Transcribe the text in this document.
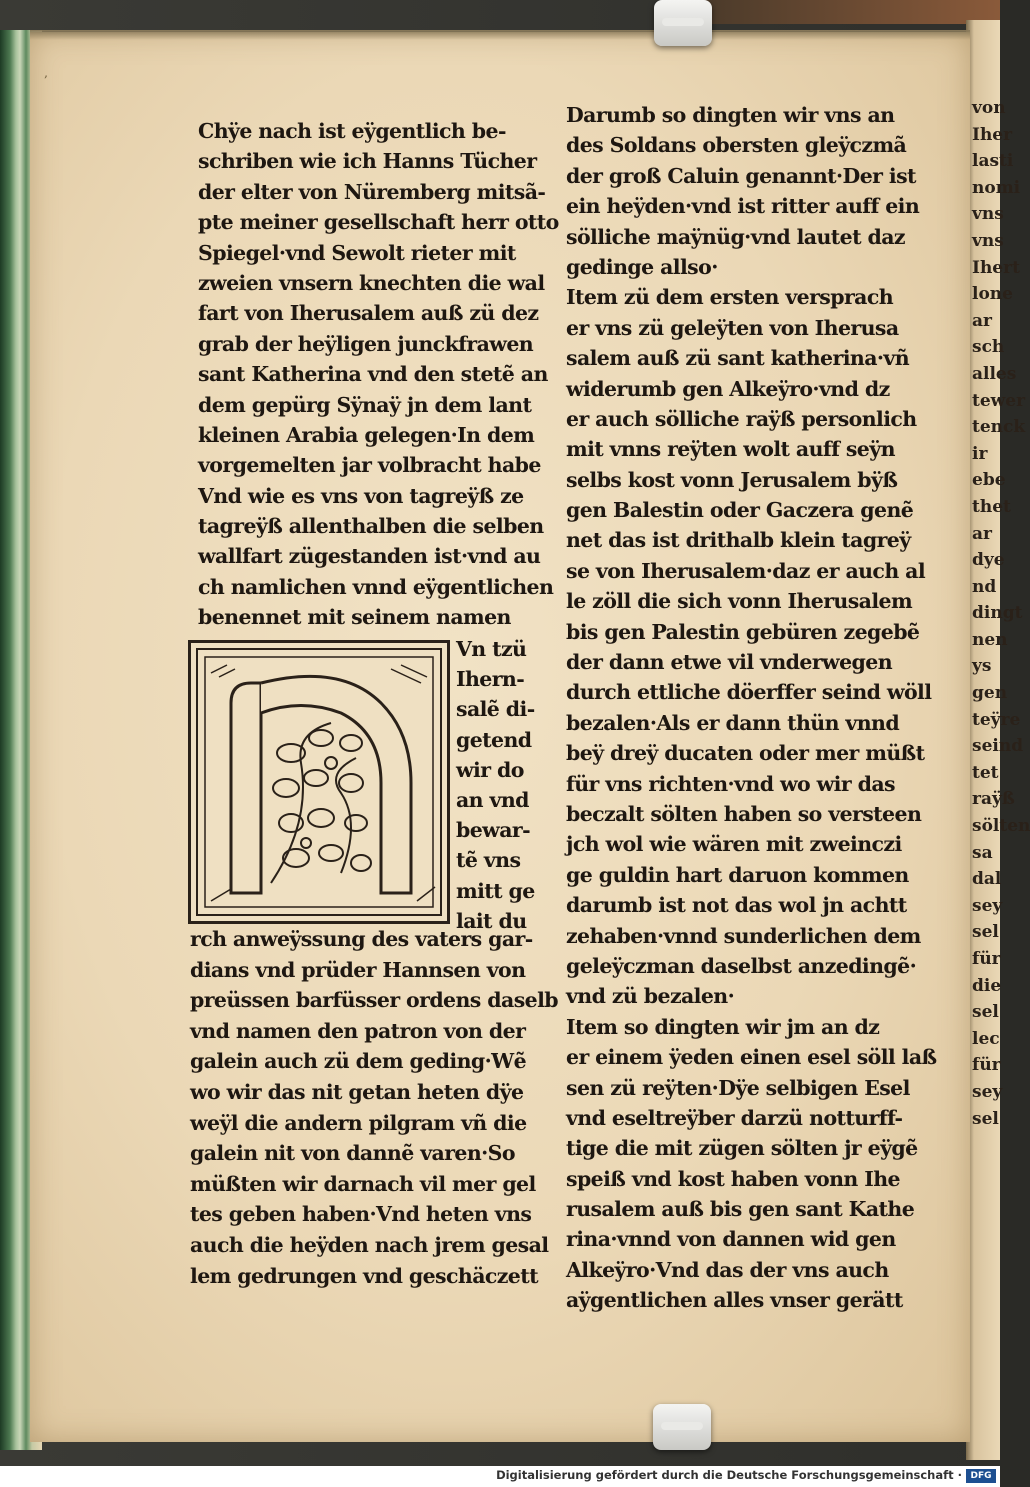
Chÿe nach ist eÿgentlich be-
schriben wie ich Hanns Tücher
der elter von Nüremberg mitsã-
pte meiner gesellschaft herr otto
Spiegel·vnd Sewolt rieter mit
zweien vnsern knechten die wal
fart von Iherusalem auß zü dez
grab der heÿligen junckfrawen
sant Katherina vnd den stetẽ an
dem gepürg Sÿnaÿ jn dem lant
kleinen Arabia gelegen·In dem
vorgemelten jar volbracht habe
Vnd wie es vns von tagreÿß ze
tagreÿß allenthalben die selben
wallfart zügestanden ist·vnd au
ch namlichen vnnd eÿgentlichen
benennet mit seinem namen
Vn tzü
Ihern-
salẽ di-
getend
wir do
an vnd
bewar-
tẽ vns
mitt ge
lait du
rch anweÿssung des vaters gar-
dians vnd prüder Hannsen von
preüssen barfüsser ordens daselb
vnd namen den patron von der
galein auch zü dem geding·Wẽ
wo wir das nit getan heten dÿe
weÿl die andern pilgram vñ die
galein nit von dannẽ varen·So
müßten wir darnach vil mer gel
tes geben haben·Vnd heten vns
auch die heÿden nach jrem gesal
lem gedrungen vnd geschäczett
Darumb so dingten wir vns an
des Soldans obersten gleÿczmã
der groß Caluin genannt·Der ist
ein heÿden·vnd ist ritter auff ein
sölliche maÿnüg·vnd lautet daz
gedinge allso·
Item zü dem ersten versprach
er vns zü geleÿten von Iherusa
salem auß zü sant katherina·vñ
widerumb gen Alkeÿro·vnd dz
er auch sölliche raÿß personlich
mit vnns reÿten wolt auff seÿn
selbs kost vonn Jerusalem bÿß
gen Balestin oder Gaczera genẽ
net das ist drithalb klein tagreÿ
se von Iherusalem·daz er auch al
le zöll die sich vonn Iherusalem
bis gen Palestin gebüren zegebẽ
der dann etwe vil vnderwegen
durch ettliche döerffer seind wöll
bezalen·Als er dann thün vnnd
beÿ dreÿ ducaten oder mer müßt
für vns richten·vnd wo wir das
beczalt sölten haben so versteen
jch wol wie wären mit zweinczi
ge guldin hart daruon kommen
darumb ist not das wol jn achtt
zehaben·vnnd sunderlichen dem
geleÿczman daselbst anzedingẽ·
vnd zü bezalen·
Item so dingten wir jm an dz
er einem ÿeden einen esel söll laß
sen zü reÿten·Dÿe selbigen Esel
vnd eseltreÿber darzü notturff-
tige die mit zügen sölten jr eÿgẽ
speiß vnd kost haben vonn Ihe
rusalem auß bis gen sant Kathe
rina·vnnd von dannen wid gen
Alkeÿro·Vnd das der vns auch
aÿgentlichen alles vnser gerätt
von
Iher
lasti
nomi
vns
vns
Ihert
lone
ar
sch
alles
tewer
tenck
ir
ebe
thet
ar
dye
nd
dingt
nen
ys
gen
teÿre
seind
tet
raÿß
sölten
sa
dal
sey
sel
für
die
sel
lec
für
sey
sel
Digitalisierung gefördert durch die Deutsche Forschungsgemeinschaft · DFG
